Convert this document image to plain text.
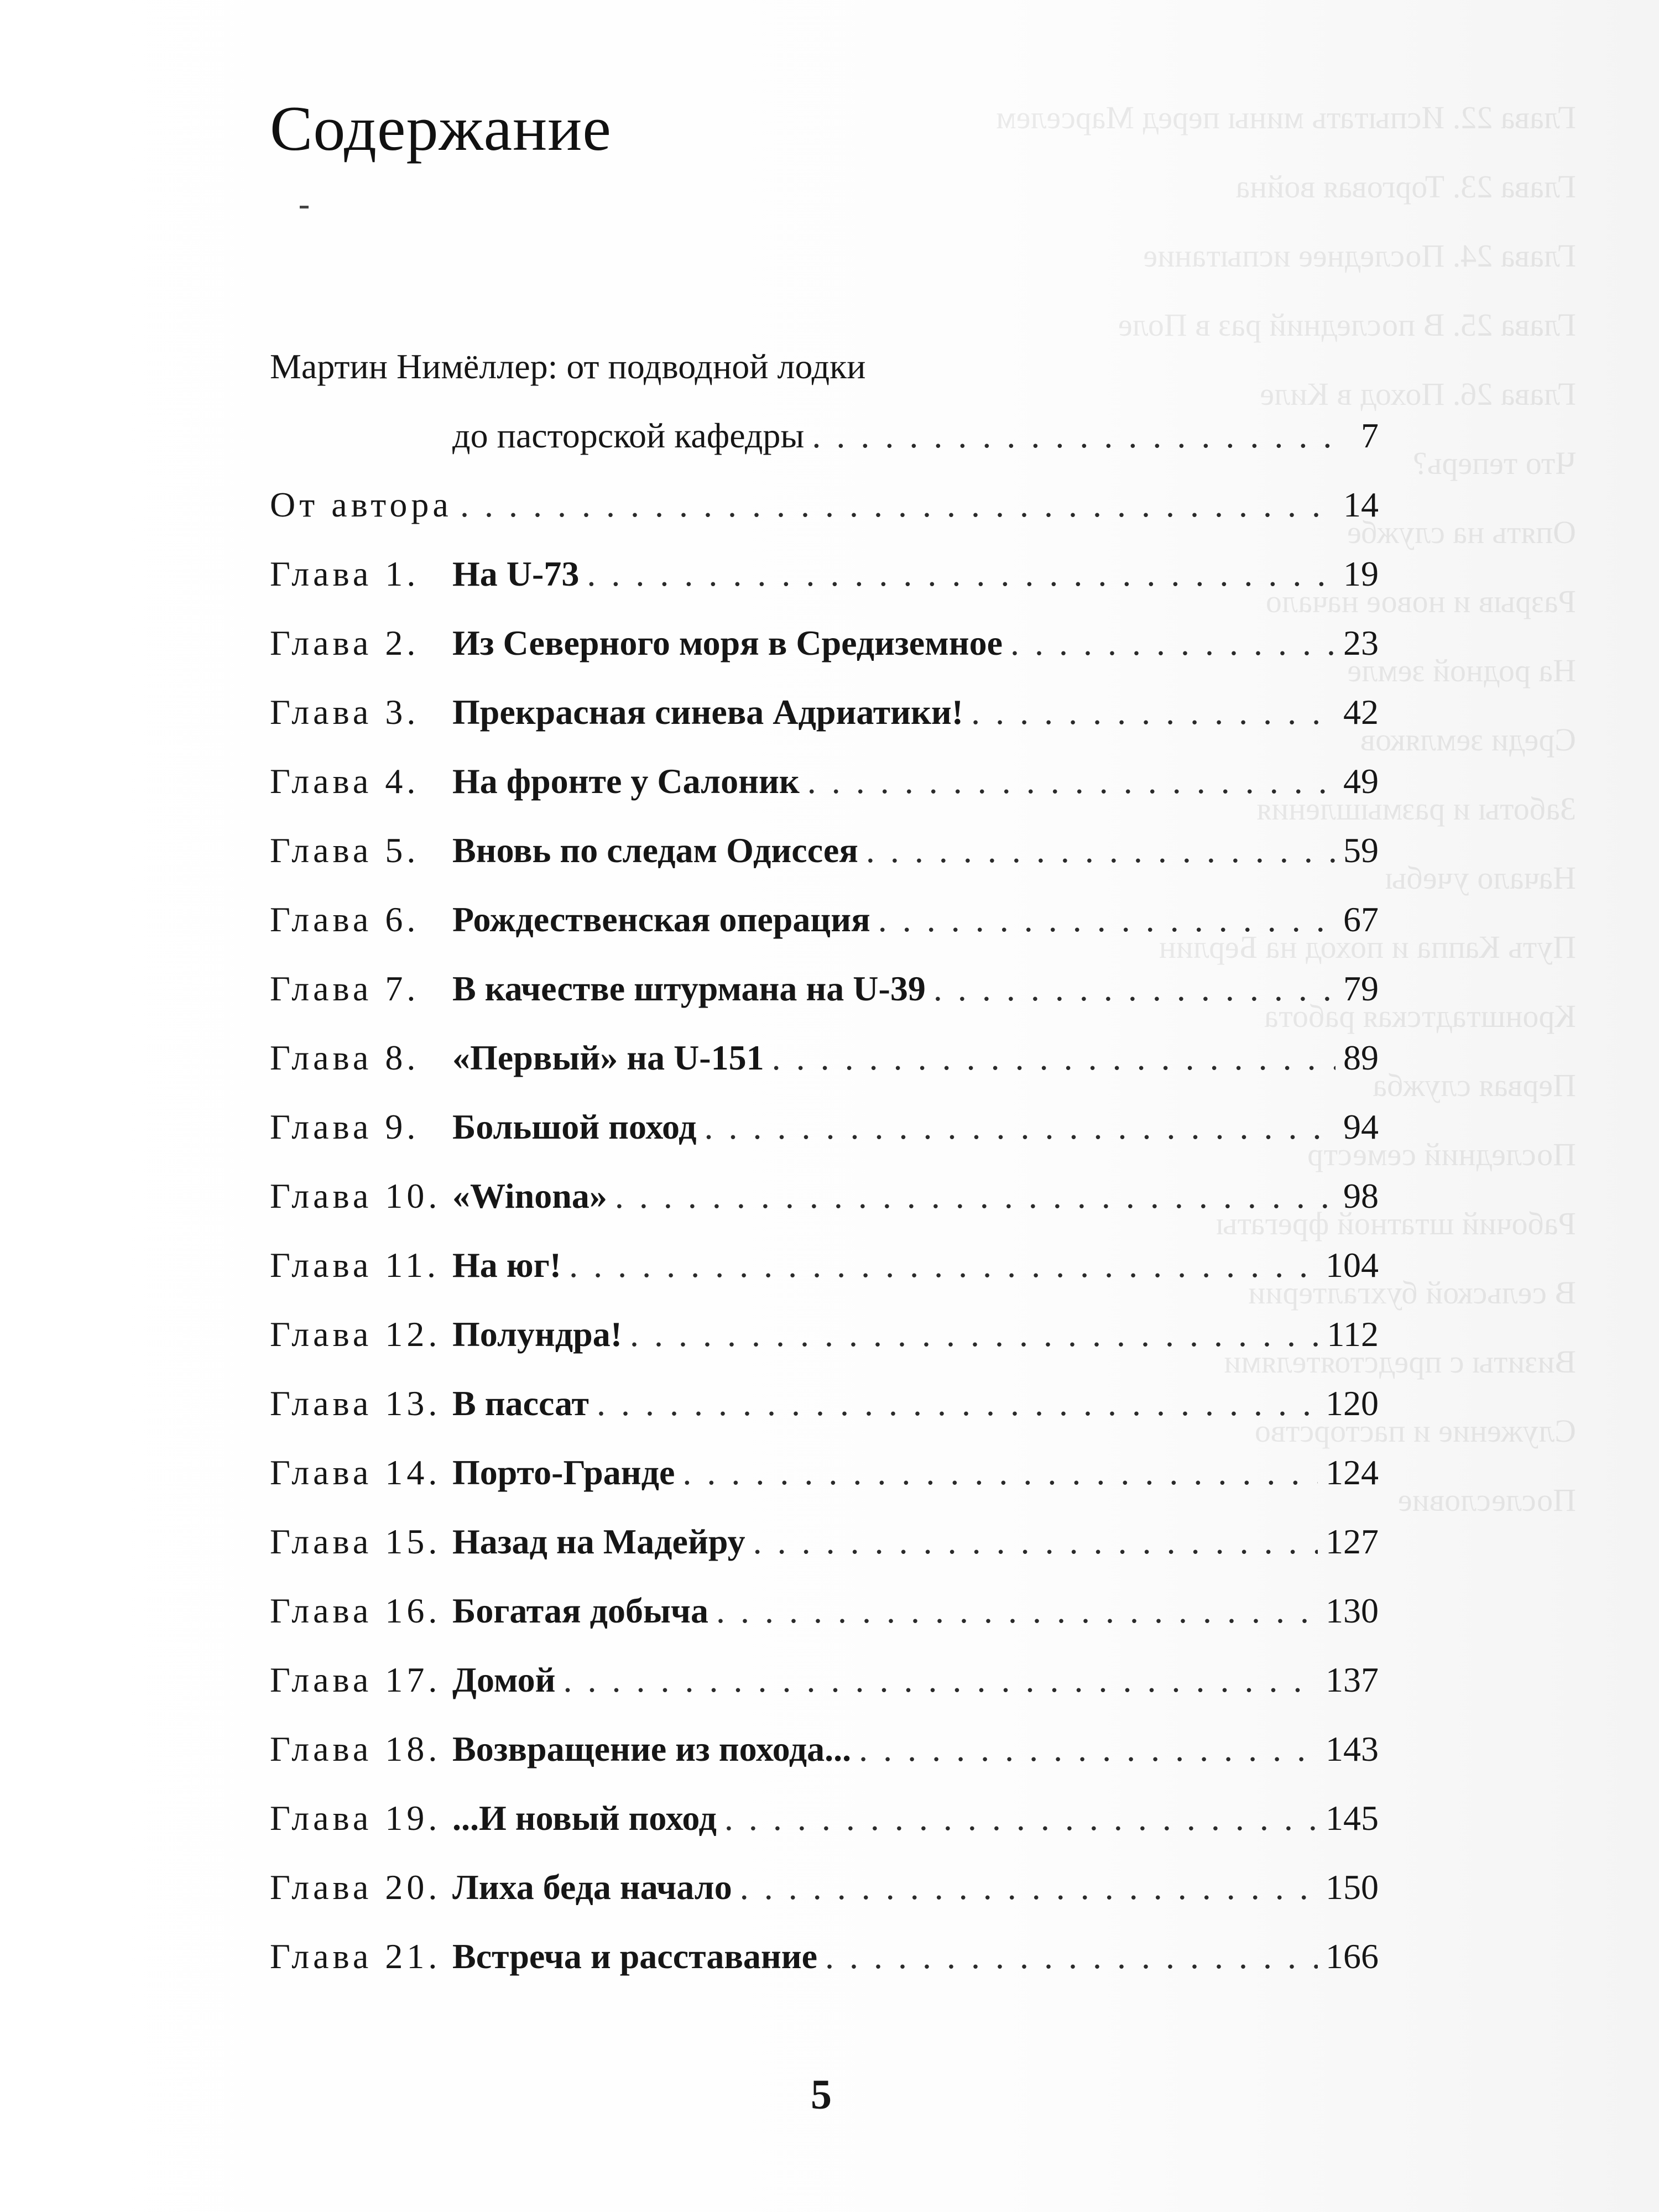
Глава 22. Испытать мины перед Марселем
Глава 23. Торговая война
Глава 24. Последнее испытание
Глава 25. В последний раз в Поле
Глава 26. Поход в Киле
Что теперь?
Опять на службе
Разрыв и новое начало
На родной земле
Среди земляков
Заботы и размышления
Начало учебы
Путь Каппа и поход на Берлин
Кронштадтская работа
Первая служба
Последний семестр
Рабочий штатной фрегаты
В сельской бухгалтерии
Визиты с предстоятелями
Служение и пасторство
Послесловие
Содержание
Мартин Нимёллер: от подводной лодки
до пасторской кафедры . . .	7
От автора . . .	14
Глава 1. На U-73 . . .	19
Глава 2. Из Северного моря в Средиземное . . .	23
Глава 3. Прекрасная синева Адриатики! . . .	42
Глава 4. На фронте у Салоник . . .	49
Глава 5. Вновь по следам Одиссея . . .	59
Глава 6. Рождественская операция . . .	67
Глава 7. В качестве штурмана на U-39 . . .	79
Глава 8. «Первый» на U-151 . . .	89
Глава 9. Большой поход . . .	94
Глава 10. «Winona» . . .	98
Глава 11. На юг! . . .	104
Глава 12. Полундра! . . .	112
Глава 13. В пассат . . .	120
Глава 14. Порто-Гранде . . .	124
Глава 15. Назад на Мадейру . . .	127
Глава 16. Богатая добыча . . .	130
Глава 17. Домой . . .	137
Глава 18. Возвращение из похода... . . .	143
Глава 19. ...И новый поход . . .	145
Глава 20. Лиха беда начало . . .	150
Глава 21. Встреча и расставание . . .	166
5
